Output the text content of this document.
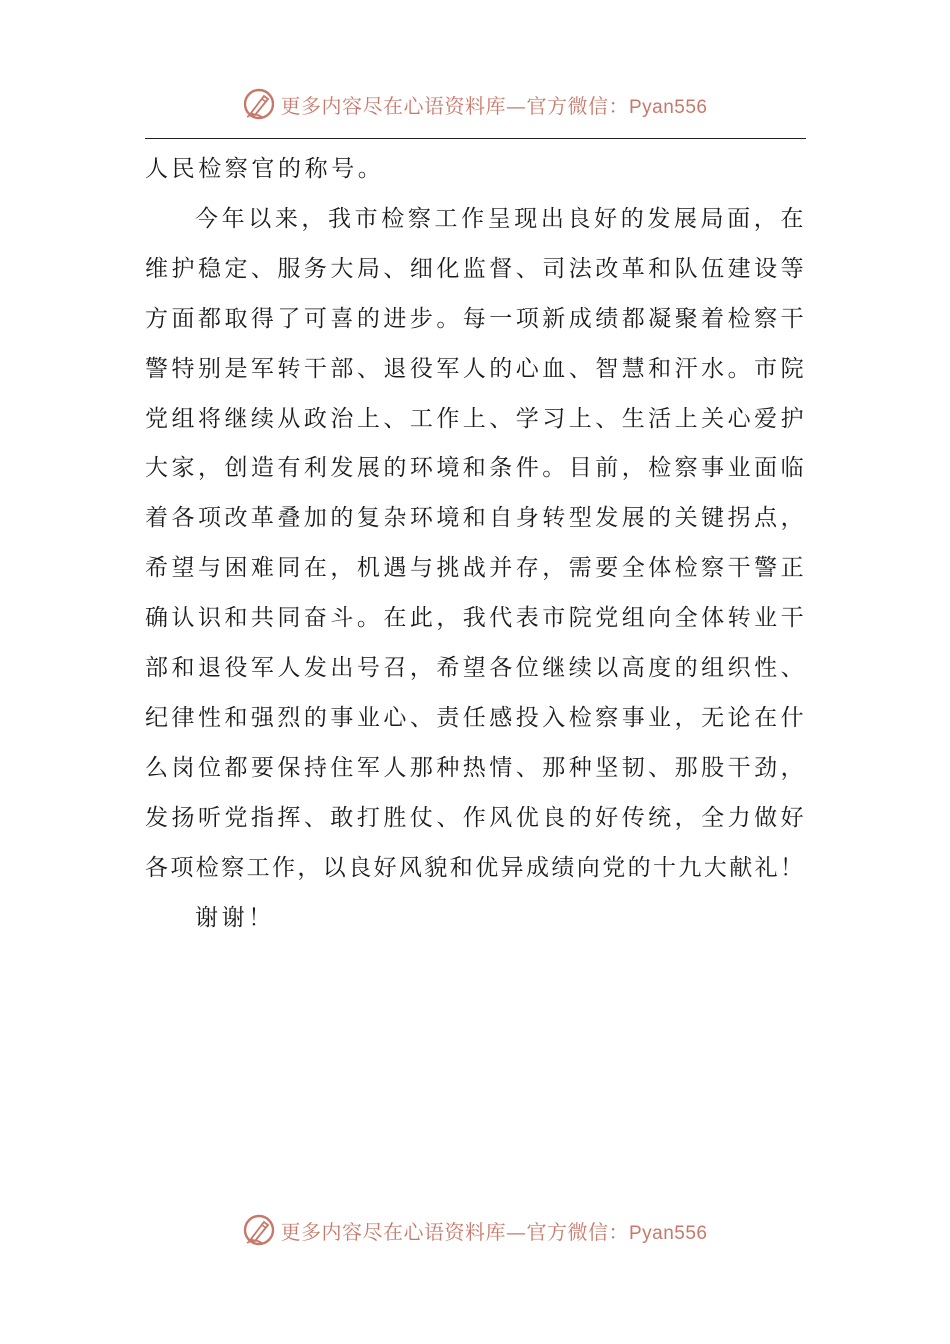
更多内容尽在心语资料库—官方微信：Pyan556

人民检察官的称号。

今年以来，我市检察工作呈现出良好的发展局面，在
维护稳定、服务大局、细化监督、司法改革和队伍建设等
方面都取得了可喜的进步。每一项新成绩都凝聚着检察干
警特别是军转干部、退役军人的心血、智慧和汗水。市院
党组将继续从政治上、工作上、学习上、生活上关心爱护
大家，创造有利发展的环境和条件。目前，检察事业面临
着各项改革叠加的复杂环境和自身转型发展的关键拐点，
希望与困难同在，机遇与挑战并存，需要全体检察干警正
确认识和共同奋斗。在此，我代表市院党组向全体转业干
部和退役军人发出号召，希望各位继续以高度的组织性、
纪律性和强烈的事业心、责任感投入检察事业，无论在什
么岗位都要保持住军人那种热情、那种坚韧、那股干劲，
发扬听党指挥、敢打胜仗、作风优良的好传统，全力做好
各项检察工作，以良好风貌和优异成绩向党的十九大献礼！

谢谢！

更多内容尽在心语资料库—官方微信：Pyan556
